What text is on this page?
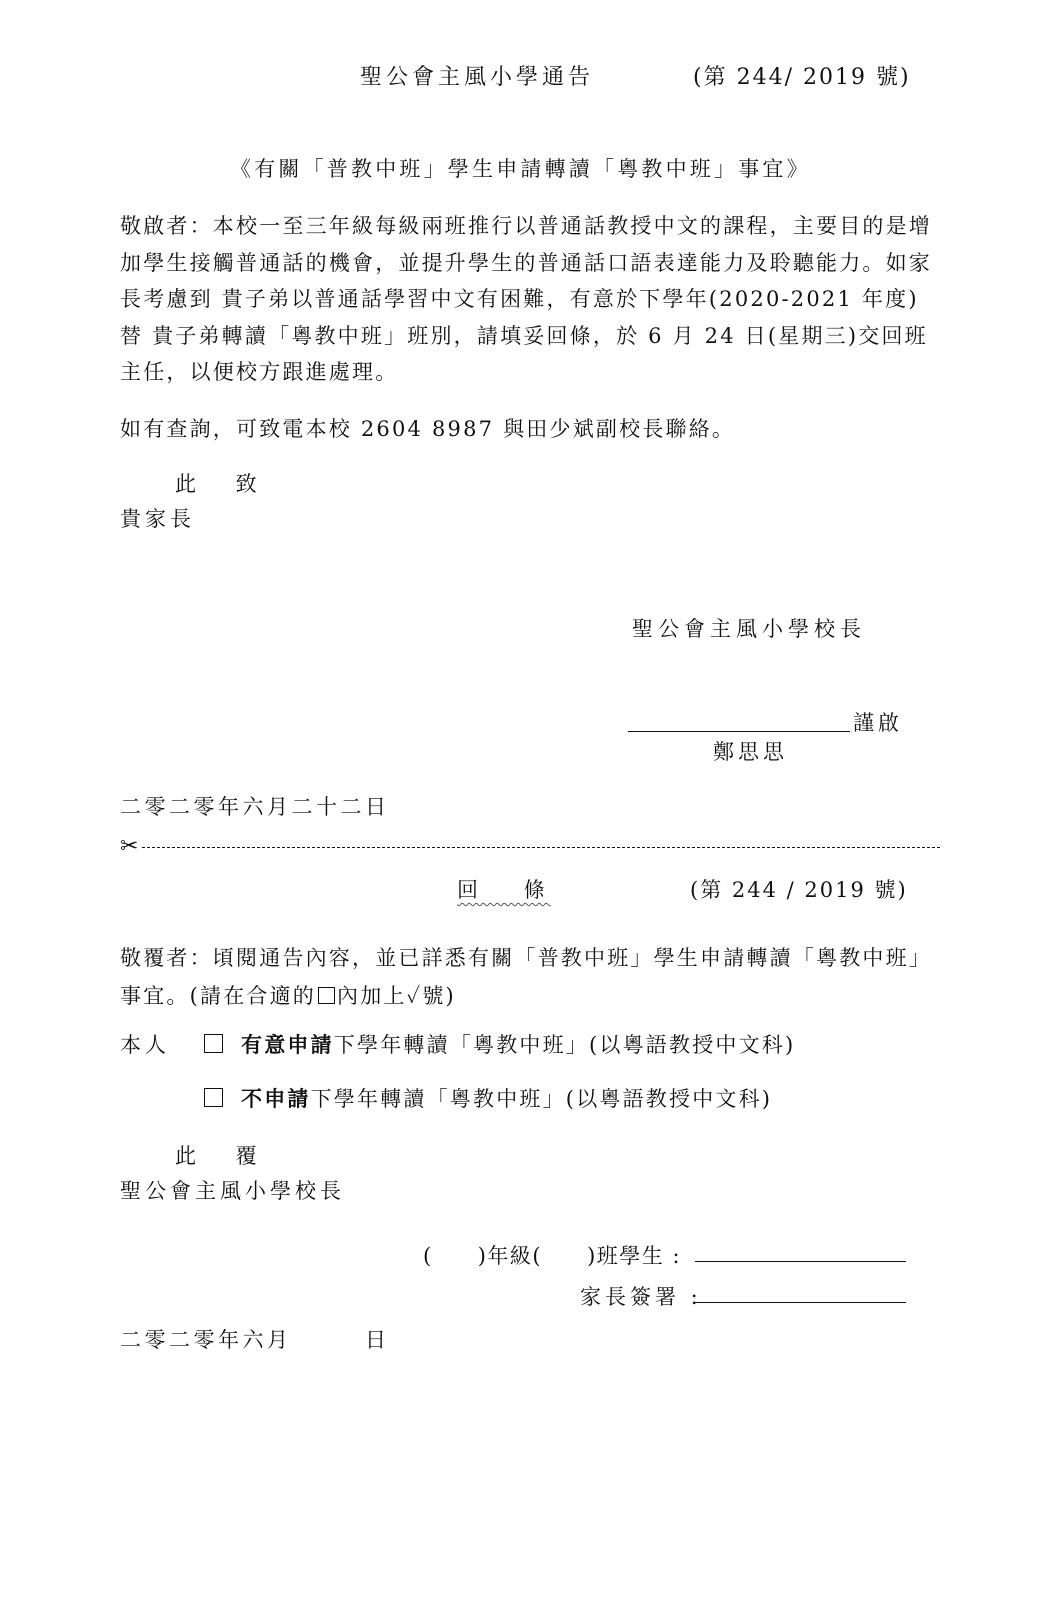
聖公會主風小學通告	(第 244/ 2019 號)
《有關「普教中班」學生申請轉讀「粵教中班」事宜》
敬啟者：本校一至三年級每級兩班推行以普通話教授中文的課程，主要目的是增加學生接觸普通話的機會，並提升學生的普通話口語表達能力及聆聽能力。如家長考慮到 貴子弟以普通話學習中文有困難，有意於下學年(2020-2021 年度)替 貴子弟轉讀「粵教中班」班別，請填妥回條，於 6 月 24 日(星期三)交回班主任，以便校方跟進處理。
如有查詢，可致電本校 2604 8987 與田少斌副校長聯絡。
此　 致
貴家長
聖公會主風小學校長
謹啟
鄭思思
二零二零年六月二十二日
✂
回　 條	(第 244 / 2019 號)
敬覆者：頃閱通告內容，並已詳悉有關「普教中班」學生申請轉讀「粵教中班」事宜。(請在合適的 內加上✓號)
本人	有意申請下學年轉讀「粵教中班」(以粵語教授中文科)
不申請下學年轉讀「粵教中班」(以粵語教授中文科)
此　 覆
聖公會主風小學校長
(　　)年級(　　)班學生 :
家長簽署 :
二零二零年六月　　　日
